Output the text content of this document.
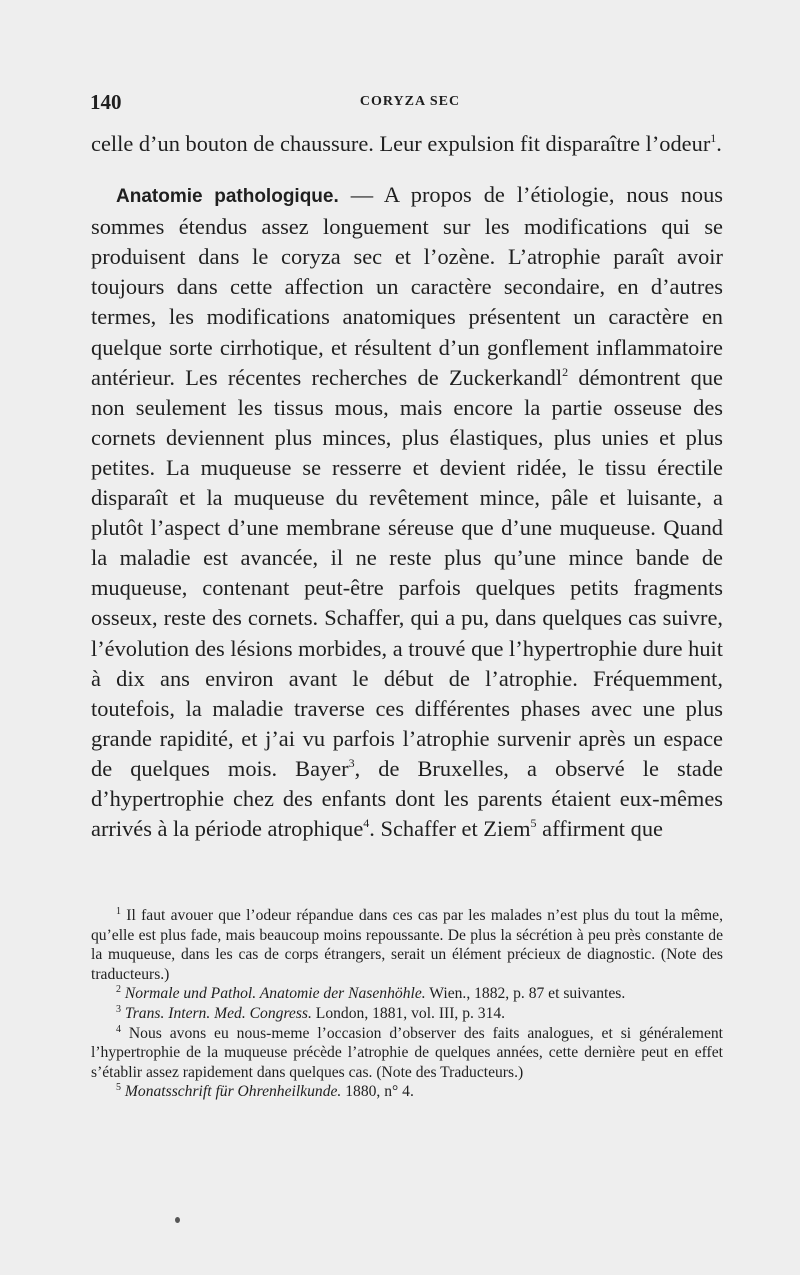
140	CORYZA SEC

celle d’un bouton de chaussure. Leur expulsion fit disparaître l’odeur$^1$.

Anatomie pathologique. — A propos de l’étiologie, nous nous sommes étendus assez longuement sur les modifications qui se produisent dans le coryza sec et l’ozène. L’atrophie paraît avoir toujours dans cette affection un caractère secondaire, en d’autres termes, les modifications anatomiques présentent un caractère en quelque sorte cirrhotique, et résultent d’un gonflement inflammatoire antérieur. Les récentes recherches de Zuckerkandl$^2$ démontrent que non seulement les tissus mous, mais encore la partie osseuse des cornets deviennent plus minces, plus élastiques, plus unies et plus petites. La muqueuse se resserre et devient ridée, le tissu érectile disparaît et la muqueuse du revêtement mince, pâle et luisante, a plutôt l’aspect d’une membrane séreuse que d’une muqueuse. Quand la maladie est avancée, il ne reste plus qu’une mince bande de muqueuse, contenant peut-être parfois quelques petits fragments osseux, reste des cornets. Schaffer, qui a pu, dans quelques cas suivre, l’évolution des lésions morbides, a trouvé que l’hypertrophie dure huit à dix ans environ avant le début de l’atrophie. Fréquemment, toutefois, la maladie traverse ces différentes phases avec une plus grande rapidité, et j’ai vu parfois l’atrophie survenir après un espace de quelques mois. Bayer$^3$, de Bruxelles, a observé le stade d’hypertrophie chez des enfants dont les parents étaient eux-mêmes arrivés à la période atrophique$^4$. Schaffer et Ziem$^5$ affirment que

$^1$ Il faut avouer que l’odeur répandue dans ces cas par les malades n’est plus du tout la même, qu’elle est plus fade, mais beaucoup moins repoussante. De plus la sécrétion à peu près constante de la muqueuse, dans les cas de corps étrangers, serait un élément précieux de diagnostic. (Note des traducteurs.)

$^2$ Normale und Pathol. Anatomie der Nasenhöhle. Wien., 1882, p. 87 et suivantes.

$^3$ Trans. Intern. Med. Congress. London, 1881, vol. III, p. 314.

$^4$ Nous avons eu nous-meme l’occasion d’observer des faits analogues, et si généralement l’hypertrophie de la muqueuse précède l’atrophie de quelques années, cette dernière peut en effet s’établir assez rapidement dans quelques cas. (Note des Traducteurs.)

$^5$ Monatsschrift für Ohrenheilkunde. 1880, n° 4.
